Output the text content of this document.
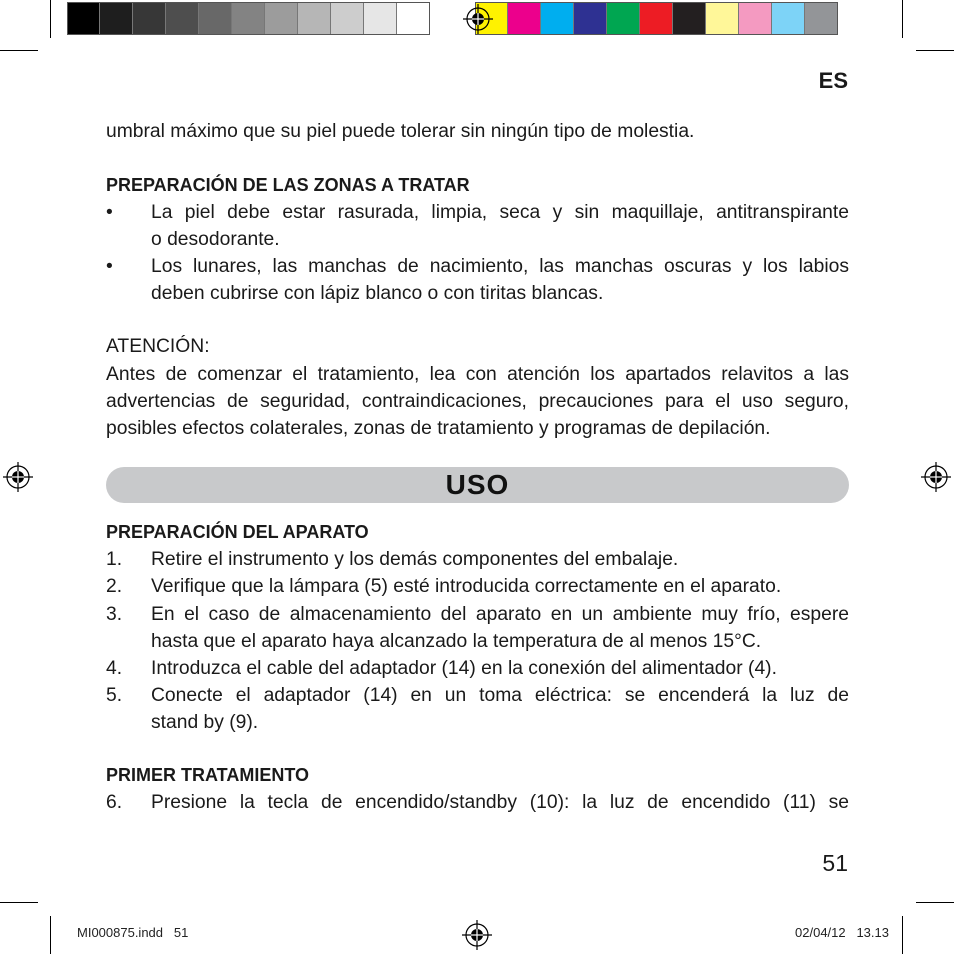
ES

umbral máximo que su piel puede tolerar sin ningún tipo de molestia.

PREPARACIÓN DE LAS ZONAS A TRATAR

• La piel debe estar rasurada, limpia, seca y sin maquillaje, antitranspirante

o desodorante.

• Los lunares, las manchas de nacimiento, las manchas oscuras y los labios

deben cubrirse con lápiz blanco o con tiritas blancas.

ATENCIÓN:

Antes de comenzar el tratamiento, lea con atención los apartados relavitos a las

advertencias de seguridad, contraindicaciones, precauciones para el uso seguro,

posibles efectos colaterales, zonas de tratamiento y programas de depilación.

USO

PREPARACIÓN DEL APARATO

1. Retire el instrumento y los demás componentes del embalaje.

2. Verifique que la lámpara (5) esté introducida correctamente en el aparato.

3. En el caso de almacenamiento del aparato en un ambiente muy frío, espere

hasta que el aparato haya alcanzado la temperatura de al menos 15°C.

4. Introduzca el cable del adaptador (14) en la conexión del alimentador (4).

5. Conecte el adaptador (14) en un toma eléctrica: se encenderá la luz de

stand by (9).

PRIMER TRATAMIENTO

6. Presione la tecla de encendido/standby (10): la luz de encendido (11) se

51
MI000875.indd   51	02/04/12   13.13
